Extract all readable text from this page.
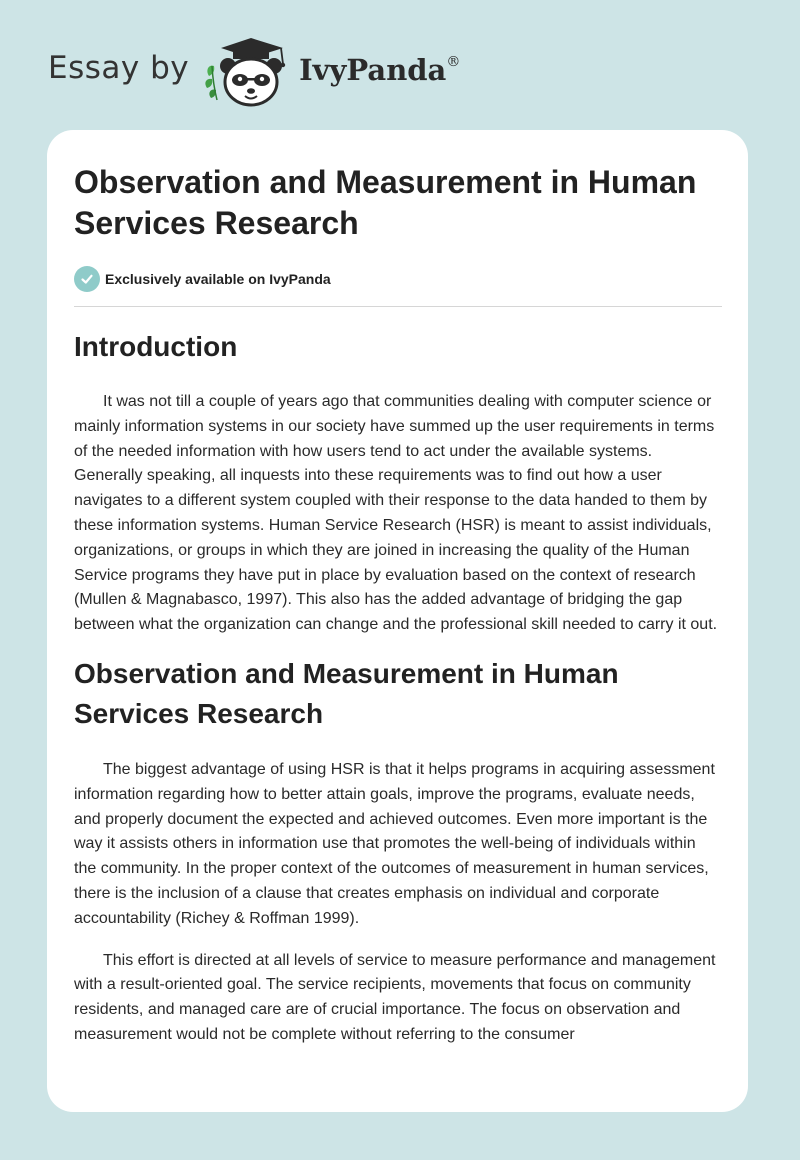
Essay by	IvyPanda®
Observation and Measurement in Human Services Research
Exclusively available on IvyPanda
Introduction

It was not till a couple of years ago that communities dealing with computer science or mainly information systems in our society have summed up the user requirements in terms of the needed information with how users tend to act under the available systems. Generally speaking, all inquests into these requirements was to find out how a user navigates to a different system coupled with their response to the data handed to them by these information systems. Human Service Research (HSR) is meant to assist individuals, organizations, or groups in which they are joined in increasing the quality of the Human Service programs they have put in place by evaluation based on the context of research (Mullen & Magnabasco, 1997). This also has the added advantage of bridging the gap between what the organization can change and the professional skill needed to carry it out.

Observation and Measurement in Human Services Research

The biggest advantage of using HSR is that it helps programs in acquiring assessment information regarding how to better attain goals, improve the programs, evaluate needs, and properly document the expected and achieved outcomes. Even more important is the way it assists others in information use that promotes the well-being of individuals within the community. In the proper context of the outcomes of measurement in human services, there is the inclusion of a clause that creates emphasis on individual and corporate accountability (Richey & Roffman 1999).

This effort is directed at all levels of service to measure performance and management with a result-oriented goal. The service recipients, movements that focus on community residents, and managed care are of crucial importance. The focus on observation and measurement would not be complete without referring to the consumer
